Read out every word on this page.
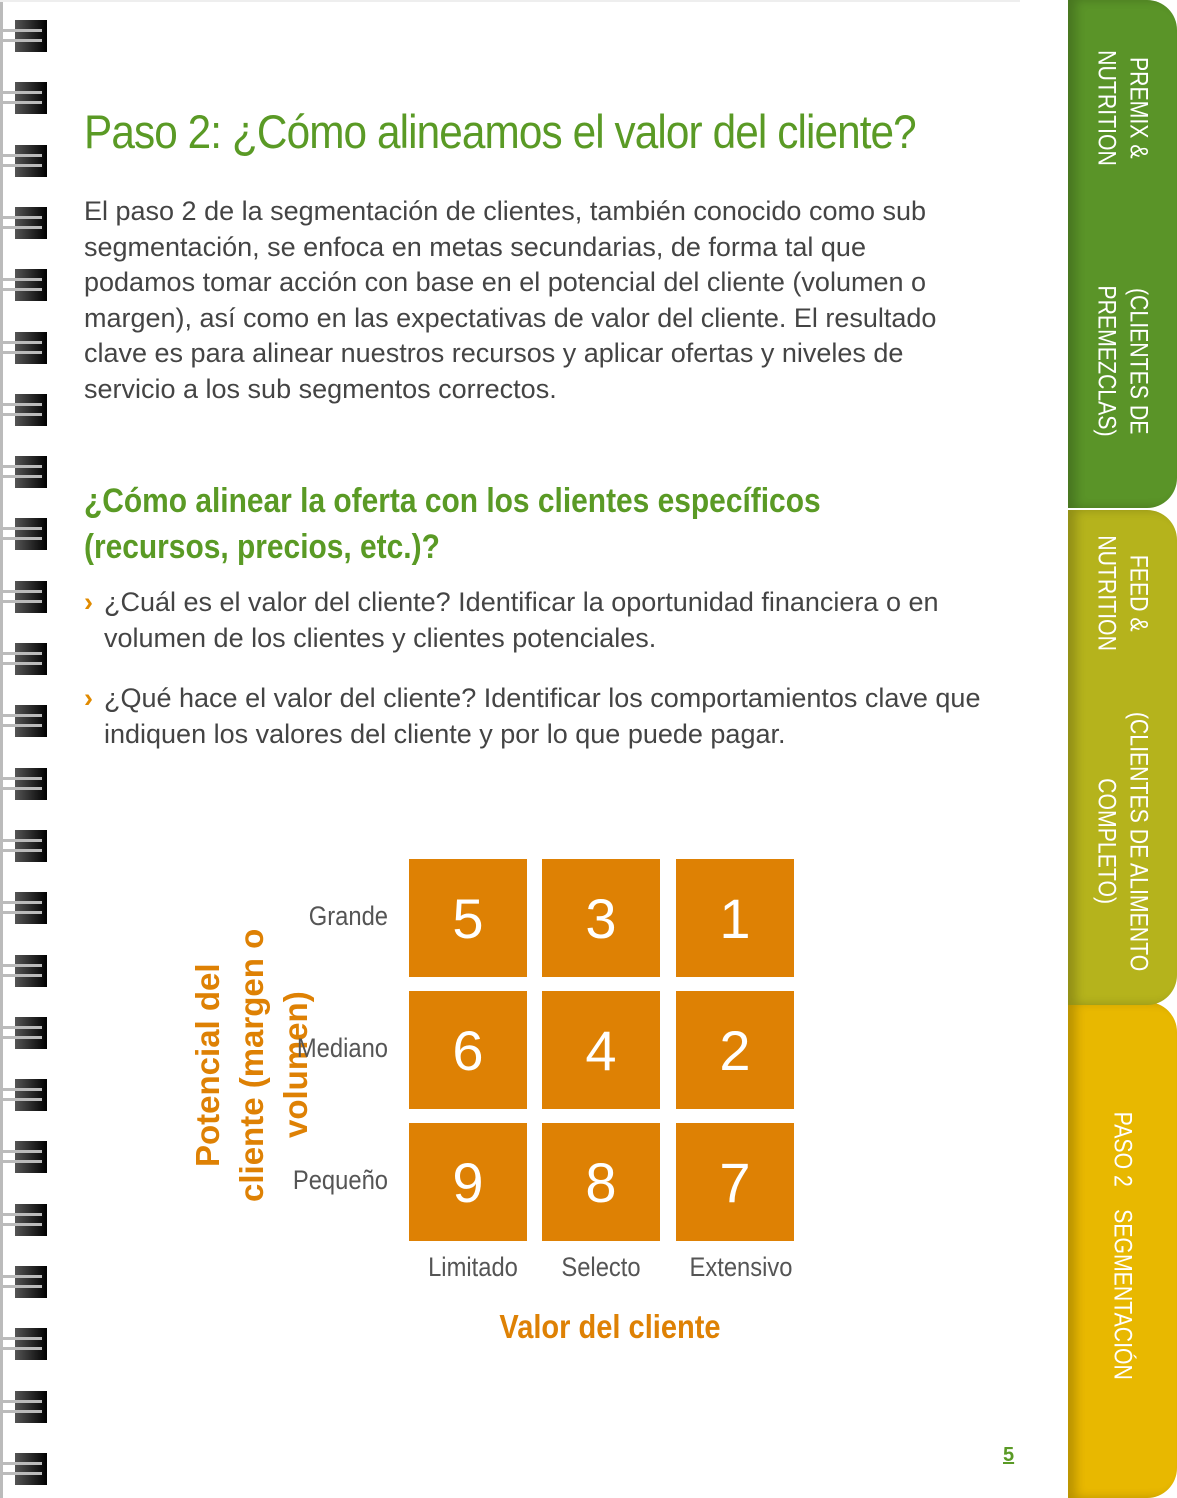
Paso 2: ¿Cómo alineamos el valor del cliente?

El paso 2 de la segmentación de clientes, también conocido como sub segmentación, se enfoca en metas secundarias, de forma tal que podamos tomar acción con base en el potencial del cliente (volumen o margen), así como en las expectativas de valor del cliente. El resultado clave es para alinear nuestros recursos y aplicar ofertas y niveles de servicio a los sub segmentos correctos.

¿Cómo alinear la oferta con los clientes específicos (recursos, precios, etc.)?
› ¿Cuál es el valor del cliente? Identificar la oportunidad financiera o en volumen de los clientes y clientes potenciales.
› ¿Qué hace el valor del cliente? Identificar los comportamientos clave que indiquen los valores del cliente y por lo que puede pagar.
Potencial del cliente (margen o volumen)
Grande	5	3	1
Mediano	6	4	2
Pequeño	9	8	7
Limitado	Selecto	Extensivo
Valor del cliente
5
PREMIX & NUTRITION
(CLIENTES DE PREMEZCLAS)
FEED & NUTRITION
(CLIENTES DE ALIMENTO COMPLETO)
PASO 2
SEGMENTACIÓN
